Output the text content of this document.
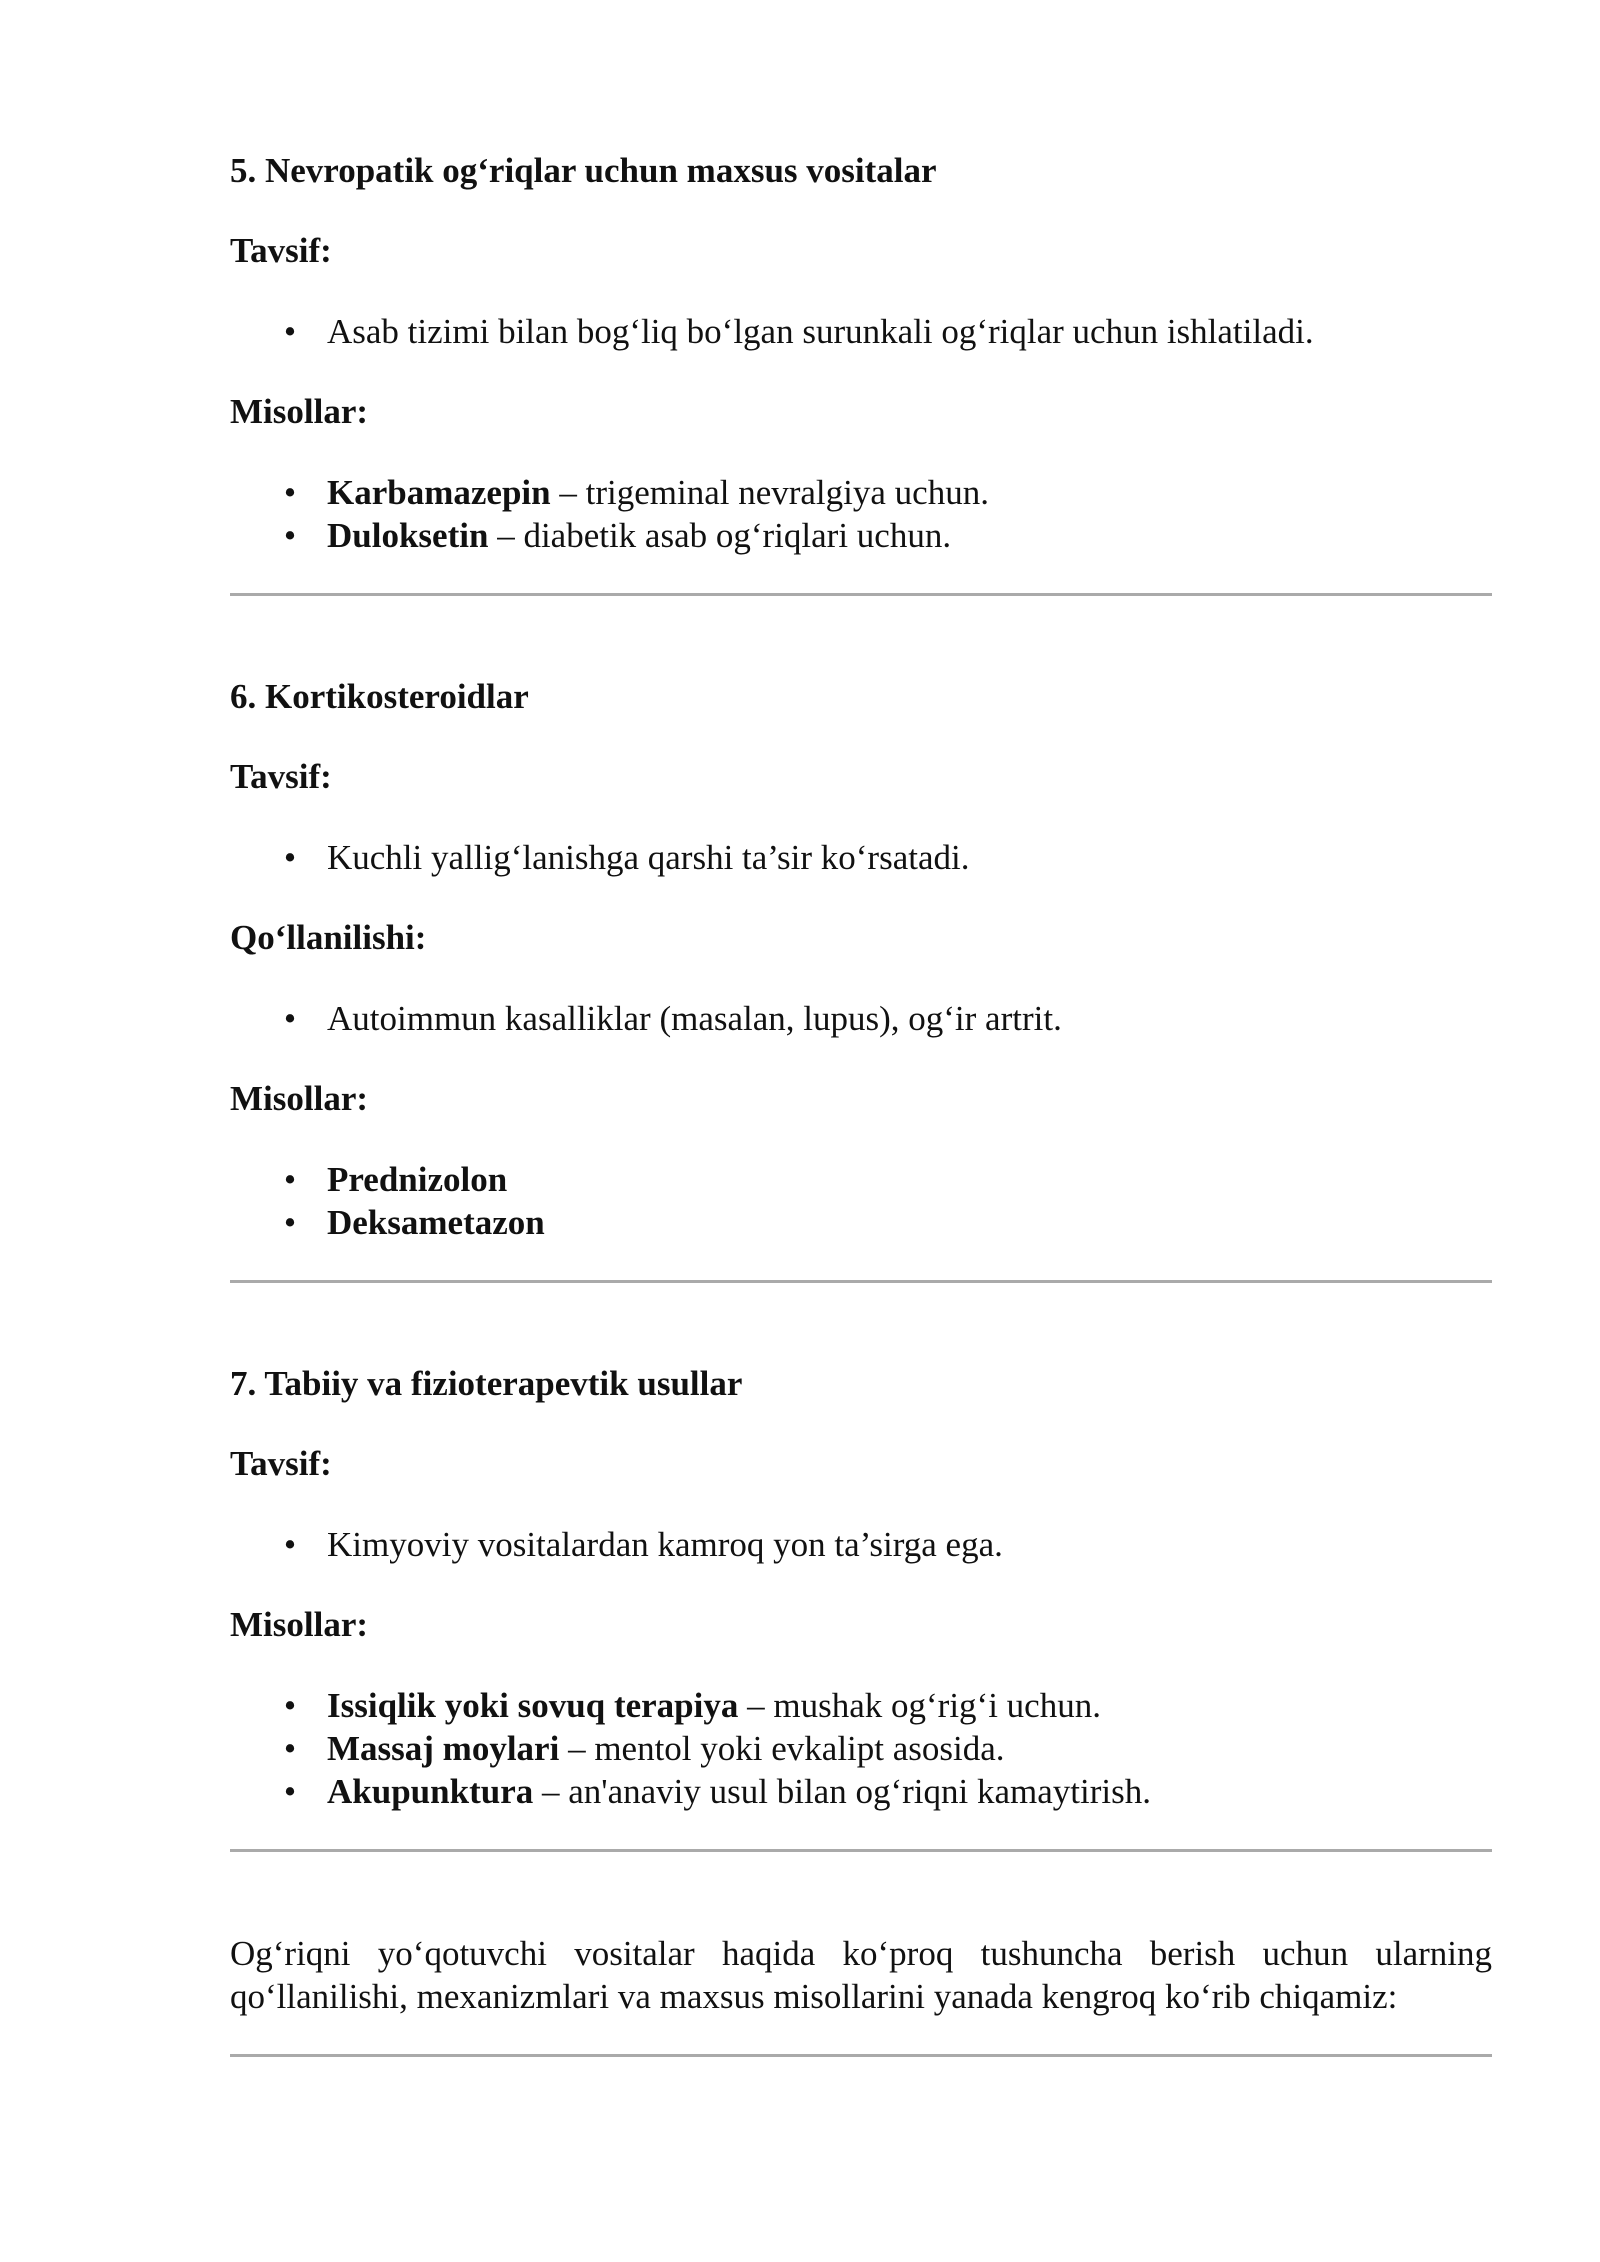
5. Nevropatik og‘riqlar uchun maxsus vositalar

Tavsif:

• Asab tizimi bilan bog‘liq bo‘lgan surunkali og‘riqlar uchun ishlatiladi.

Misollar:

• Karbamazepin – trigeminal nevralgiya uchun.
• Duloksetin – diabetik asab og‘riqlari uchun.

6. Kortikosteroidlar

Tavsif:

• Kuchli yallig‘lanishga qarshi ta’sir ko‘rsatadi.

Qo‘llanilishi:

• Autoimmun kasalliklar (masalan, lupus), og‘ir artrit.

Misollar:

• Prednizolon
• Deksametazon

7. Tabiiy va fizioterapevtik usullar

Tavsif:

• Kimyoviy vositalardan kamroq yon ta’sirga ega.

Misollar:

• Issiqlik yoki sovuq terapiya – mushak og‘rig‘i uchun.
• Massaj moylari – mentol yoki evkalipt asosida.
• Akupunktura – an'anaviy usul bilan og‘riqni kamaytirish.

Og‘riqni yo‘qotuvchi vositalar haqida ko‘proq tushuncha berish uchun ularning qo‘llanilishi, mexanizmlari va maxsus misollarini yanada kengroq ko‘rib chiqamiz:
